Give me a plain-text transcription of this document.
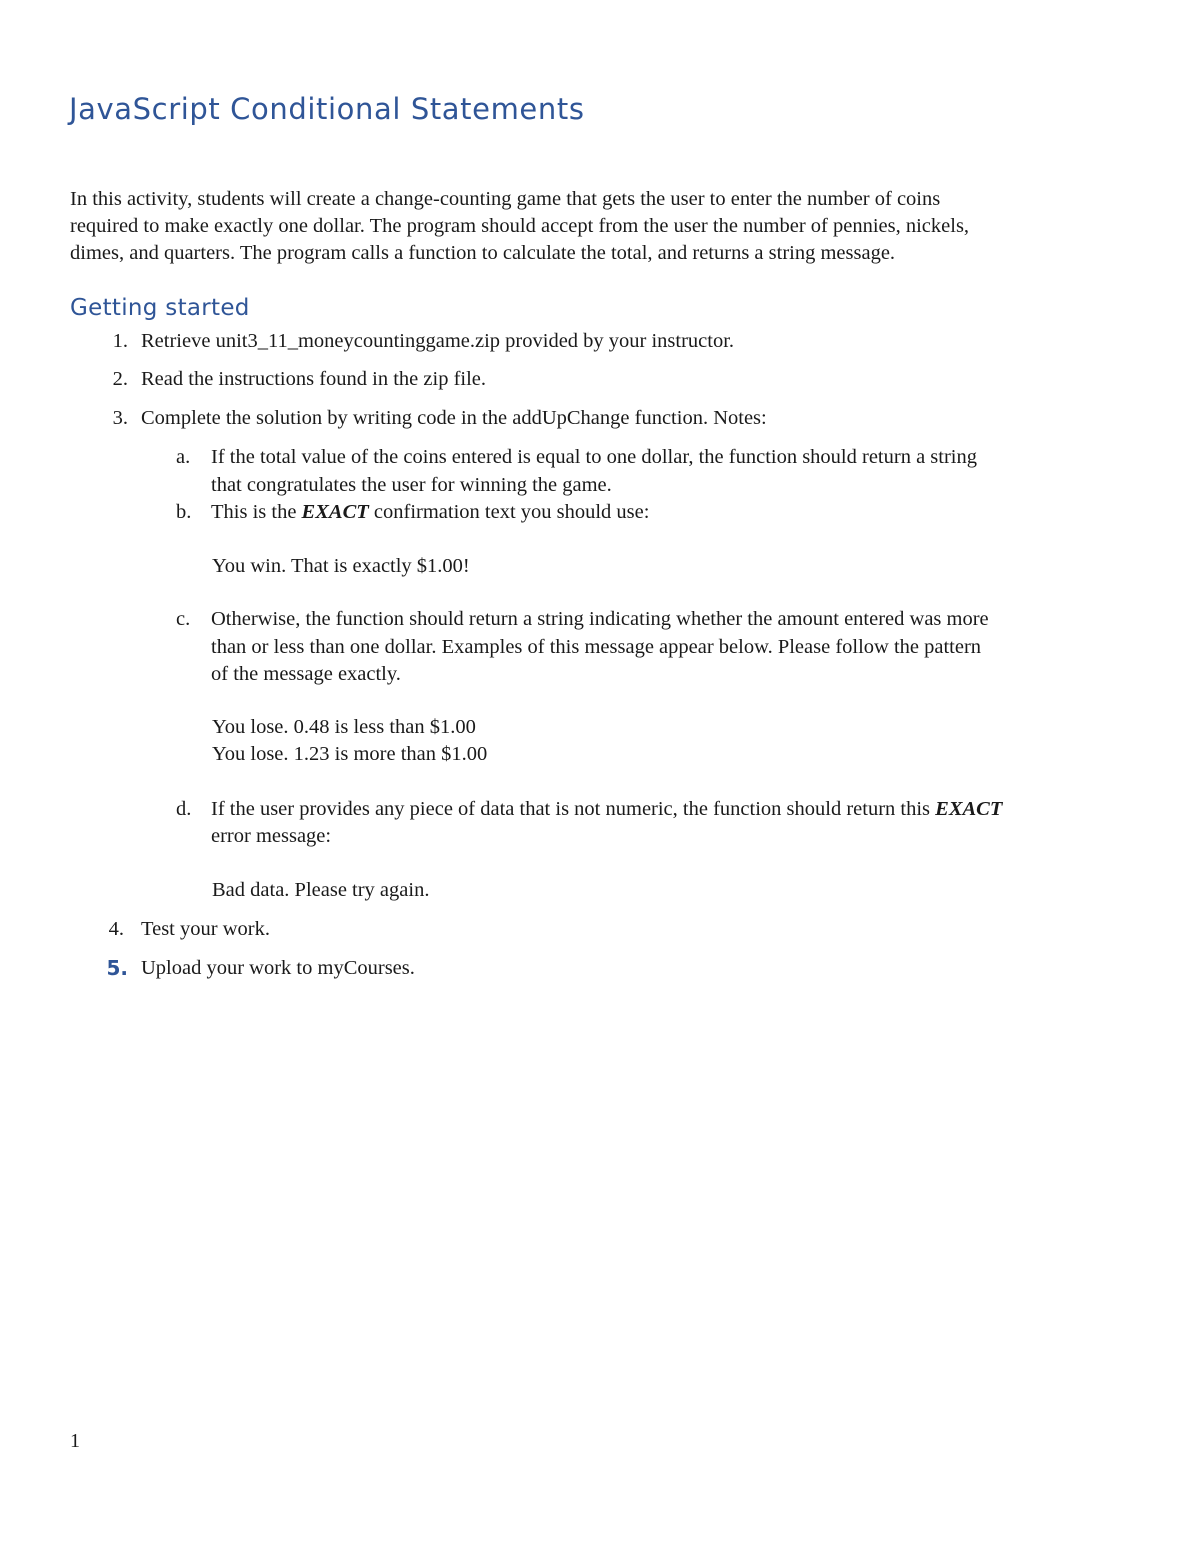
JavaScript Conditional Statements
In this activity, students will create a change-counting game that gets the user to enter the number of coins
required to make exactly one dollar. The program should accept from the user the number of pennies, nickels,
dimes, and quarters. The program calls a function to calculate the total, and returns a string message.
Getting started
1. Retrieve unit3_11_moneycountinggame.zip provided by your instructor.
2. Read the instructions found in the zip file.
3. Complete the solution by writing code in the addUpChange function. Notes:
a.	If the total value of the coins entered is equal to one dollar, the function should return a string
that congratulates the user for winning the game.
b. This is the EXACT confirmation text you should use:
You win. That is exactly $1.00!
c.	Otherwise, the function should return a string indicating whether the amount entered was more
than or less than one dollar. Examples of this message appear below. Please follow the pattern
of the message exactly.
You lose. 0.48 is less than $1.00
You lose. 1.23 is more than $1.00
d. If the user provides any piece of data that is not numeric, the function should return this EXACT
error message:
Bad data. Please try again.
4. Test your work.
5. Upload your work to myCourses.
1
